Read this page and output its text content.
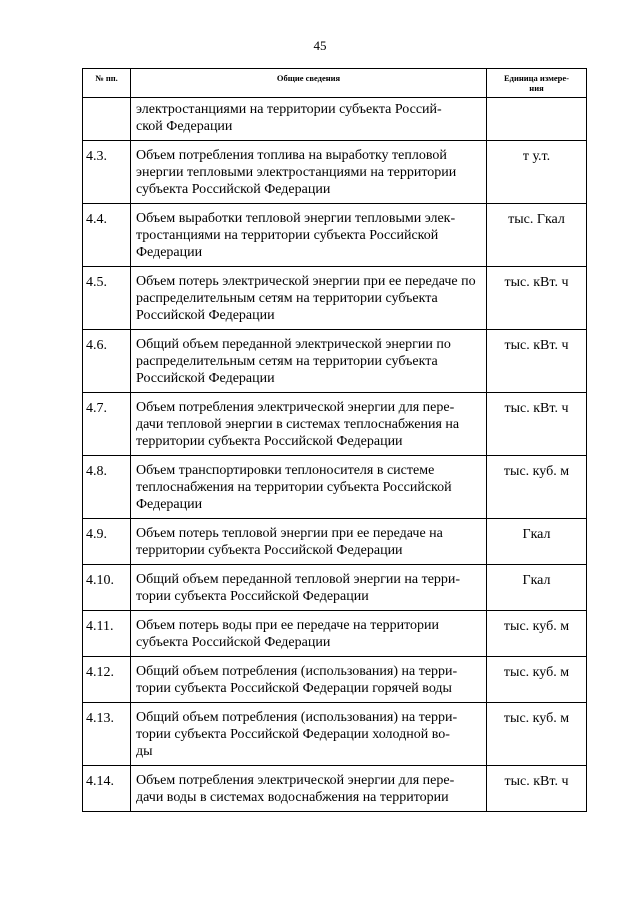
45
№ пп.	Общие сведения	Единица измере-
ния
	электростанциями на территории субъекта Россий-
ской Федерации	
4.3.	Объем потребления топлива на выработку тепловой энергии тепловыми электростанциями на территории субъекта Российской Федерации	т у.т.
4.4.	Объем выработки тепловой энергии тепловыми элек-
тростанциями на территории субъекта Российской Федерации	тыс. Гкал
4.5.	Объем потерь электрической энергии при ее передаче по распределительным сетям на территории субъекта Российской Федерации	тыс. кВт. ч
4.6.	Общий объем переданной электрической энергии по распределительным сетям на территории субъекта Российской Федерации	тыс. кВт. ч
4.7.	Объем потребления электрической энергии для пере-
дачи тепловой энергии в системах теплоснабжения на территории субъекта Российской Федерации	тыс. кВт. ч
4.8.	Объем транспортировки теплоносителя в системе теплоснабжения на территории субъекта Российской Федерации	тыс. куб. м
4.9.	Объем потерь тепловой энергии при ее передаче на территории субъекта Российской Федерации	Гкал
4.10.	Общий объем переданной тепловой энергии на терри-
тории субъекта Российской Федерации	Гкал
4.11.	Объем потерь воды при ее передаче на территории субъекта Российской Федерации	тыс. куб. м
4.12.	Общий объем потребления (использования) на терри-
тории субъекта Российской Федерации горячей воды	тыс. куб. м
4.13.	Общий объем потребления (использования) на терри-
тории субъекта Российской Федерации холодной во-
ды	тыс. куб. м
4.14.	Объем потребления электрической энергии для пере-
дачи воды в системах водоснабжения на территории	тыс. кВт. ч
